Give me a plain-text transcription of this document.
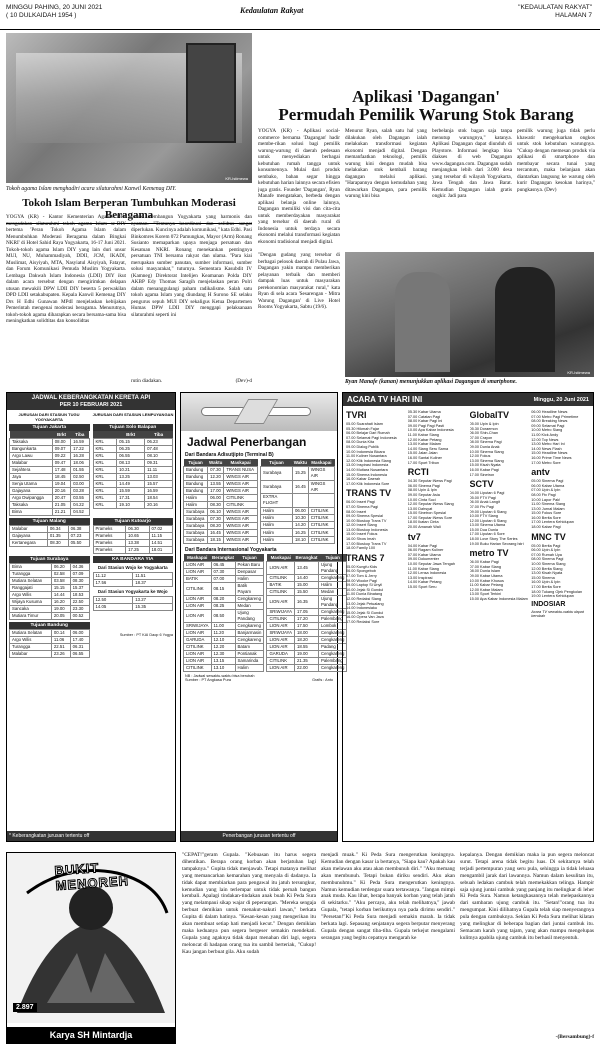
MINGGU PAHING, 20 JUNI 2021
( 10 DULKAIDAH 1954 )
Kedaulatan Rakyat	"KEDAULATAN RAKYAT"
HALAMAN 7
KR-Istimewa
Tokoh agama Islam menghadiri acara silaturahmi Kanwil Kemenag DIY.
Tokoh Islam Berperan Tumbuhkan Moderasi Beragama
YOGYA (KR) - Kantor Kementerian Agama DIY mengadakan silaturahmi tokoh agama Islam se-DIY bertema 'Peran Tokoh Agama Islam dalam Menumbuhkan Moderasi Beragama dalam Bingkai NKRI' di Hotel Sahid Raya Yogyakarta, 16-17 Juni 2021. Tokoh-tokoh agama Islam DIY yang lain duri unsur MUI, NU, Muhammadiyah, DDII, JCM, IKADI, Muslimat, Aisyiyah, MTA, Nasyiatul Aisyiyah, Fatayat, dan Forum Komunikasi Pemuda Muslim Yogyakarta. Lembaga Dakwah Islam Indonesia (LDII) DIY ikut dalam acara tersebut dengan mengirimkan delapan utusan mewakili DPW LDII DIY beserta 5 perwakilan DPD LDII setakabupaten. Kepala Kanwil Kemenag DIY Drs H Edhi Gunawan MPdI menjelaskan kebijakan Pemerintah mengenai moderasi beragama. Menurutnya, tokoh-tokoh agama diharapkan secara bersama-sama bisa meningkatkan solidtitas dan konsolidtas
untuk membangun Yogyakarta yang harmonis dan nyaman. "Tentunya koordinasi dan solidtas sangat diperlukan. Kuncinya adalah komunikasi," kata Edhi. Pasi Binkomres Korem 072 Pamungkas, Mayor (Arm) Ronang Susianto memaparkan upaya menjaga persatuan dan Kesatuan NKRI. Ronang menekankan pentingnya persatuan TNI bersama rakyat dan ulama. "Para kiai merupakan sumber panutan, sumber informasi, sumber solusi masyarakat," tuturnya. Sementara Kasubdit IV (Kamneg) Direktorat Intelijen Keamanan Polda DIY AKBP Edy Thomas Saragih menjelaskan peran Polri dalam menanggulangi paham radikalisme. Salah satu tokoh agama Islam yang diundang H Surono SE selaku pengurus sepuh MUI DIY sekaligus Ketua Departemen Humas DPW LDII DIY menggapi pelaksanaan silaturahmi seperti ini
rutin diadakan.	(Dev)-d
Aplikasi 'Dagangan'
Permudah Pemilik Warung Stok Barang
YOGYA (KR) - Aplikasi social-commerce bernama 'Dagangan' hadir membe-rikan solusi bagi pemilik warung-warung di daerah pedesaan untuk menyediakan berbagai kebutuhan rumah tangga untuk konsumennya. Mulai dari produk sembako, bahan segar hingga kebutuhan harian lainnya secara efisien juga gratis. Founder 'Dagangan', Ryan Manafe mengatakan, berbeda dengan aplikasi belanja online lainnya, Dagangan memiliki visi dan cita-cita untuk memberdayakan masyarakat yang tersebar di daerah rural di Indonesia untuk terdaya secara ekonomi melalui transformasi kegiatan ekonomi tradisional menjadi digital.
Menurut Ryan, salah satu hal yang dilakukan oleh Dagangan ialah melakukan transformasi kegiatan ekonomi menjadi digital. Dengan memanfaatkan teknologi, pemilik warung kini dengan mudah bisa melakukan stok kembali barang dagangan melalui aplikasi. "Harapannya dengan kemudahan yang ditawarkan Dagangan, para pemilik warung kini bisa
berbelanja stok bagan saja tanpa menutup warungnya," katanya. Aplikasi Dagangan dapat diunduh di Playstore. Informasi lengkap bisa diakses di web Dagangan www.dagangan.com. Dagangan sudah menjangkau lebih dari 3.000 desa yang tersebar di wilayah Yogyakarta, Jawa Tengah dan Jawa Barat. Kemudian Dagangan ialah gratis ongkir. Jadi para
pemilik warung juga tidak perlu khawatir mengeluarkan ongkos untuk stok kebutuhan warungnya. "Cukup dengan memesan produk via aplikasi di smartphone dan membayar secara tunai yang tercantum, maka belanjaan akan diantarkan langsung ke warung oleh kurir Dagangan kesokan harinya," pungkasnya. (Dev)
"Dengan gudang yang tersebar di berbagai pelosok daerah di Pulau Jawa, Dagangan yakin mampu memberikan pelayanan terbaik dan memberi dampak luas untuk masyarakan perekonomian masyarakat rural," kata Ryan di sela acara 'Sesarengan - Mitra Warung Dagangan' di Live Hotel Rooms Yogyakarta, Sabtu (19/6).
KR-Istimewa
Ryan Manafe (kanan) menunjukkan aplikasi Dagangan di smartphone.
JADWAL KEBERANGKATAN KERETA API
PER 10 FEBRUARI 2021
JURUSAN DARI STASIUN TUGU YOGYAKARTA
JURUSAN DARI STASIUN LEMPUYANGAN
Tujuan Jakarta
	Brkt	Tiba
Taksaka	08.00	16.59
Bangunkarta	09.07	17.22
Argo Lawu	09.22	16.28
Malabar	09.47	18.06
Sejahtera	17.48	01.55
Jaya	18.45	02.50
Senja Utama	19.04	03.00
Gajayana	20.16	03.28
Argo Dwipangga	20.47	03.55
Taksaka	21.05	04.22
Bima	21.21	04.52
Tujuan Solo Balapan
	Brkt	Tiba
KRL	05.15	06.23
KRL	06.25	07.48
KRL	06.55	08.10
KRL	08.13	09.31
KRL	10.21	11.11
KRL	13.25	13.03
KRL	14.49	15.57
KRL	15.59	16.59
KRL	17.31	18.54
KRL	19.10	20.16
Tujuan Malang
Malabar	06.34	06.38
Gajayana	01.35	07.23
Kertanegara	08.30	05.50
Tujuan Kutoarjo
Prameks	06.30	07.02
Prameks	10.65	11.15
Prameks	13.38	14.51
Prameks	17.25	18.01
Tujuan Surabaya
Bima	06.20	04.36
Turangga	02.58	07.09
Mutiara Selatan	03.58	08.30
Ranggajati	15.15	15.37
Argo Wilis	14.44	18.53
Wijaya Kusuma	16.20	22.50
Sancaka	19.00	23.30
Mutiara Timur	20.05	00.52
Tujuan Bandung
Mutiara Selatan	00.14	06.00
Argo Wilis	11.06	17.40
Turangga	22.51	06.31
Malabar	23.26	06.55
KA BANDARA YIA
Dari Stasiun Wojo ke Yogyakarta
11.12	11.51
17.56	18.37
Dari Stasiun Yogyakarta ke Wojo
12.50	13.27
14.05	15.35
Sumber : PT KAI Daop 6 Yogya
* Keberangkatan jurusan tertentu off
Jadwal Penerbangan
Dari Bandara Adisutjipto (Terminal B)
Tujuan	Waktu	Maskapai
Bandung	07.30	TRANS NUSA
Bandung	12.20	WINGS AIR
Bandung	13.55	WINGS AIR
Bandung	17.00	WINGS AIR
Halim	06.00	CITILINK
Halim	08.30	CITILINK
Surabaya	06.10	WINGS AIR
Surabaya	07.30	WINGS AIR
Surabaya	08.20	WINGS AIR
Surabaya	16.45	WINGS AIR
Surabaya	18.15	WINGS AIR
Tujuan	Waktu	Maskapai
Surabaya	15.25	WINGS AIR
Surabaya	16.45	WINGS AIR
EXTRA FLIGHT		
Halim	06.00	CITILINK
Halim	10.30	CITILINK
Halim	14.20	CITILINK
Halim	16.25	CITILINK
Halim	18.10	CITILINK
Dari Bandara Internasional Yogyakarta
Maskapai	Berangkat	Tujuan
LION AIR	06.45	Pekan Baru
LION AIR	07.30	Denpasar
BATIK	07.00	Halim
CITILINK	08.15	Batik Payam
LION AIR	08.20	Cengkareng
LION AIR	08.25	Medan
LION AIR	08.50	Ujung Pandang
SRIWIJAYA	11.00	Cengkareng
LION AIR	11.20	Banjarmasin
GARUDA	12.10	Cengkareng
CITILINK	12.20	Batam
LION AIR	12.30	Pontianak
LION AIR	13.15	Samarinda
CITILINK	13.10	Halim
Maskapai	Berangkat	Tujuan
LION AIR	13.45	Ujung Pandang
CITILINK	14.40	Cengkareng
BATIK	15.00	Halim
CITILINK	15.50	Medan
LION AIR	16.35	Ujung Pandang
SRIWIJAYA	17.05	Cengkareng
CITILINK	17.20	Palembang
LION AIR	17.50	Lombok
SRIWIJAYA	18.00	Cengkareng
LION AIR	18.20	Cengkareng
LION AIR	18.55	Padang
GARUDA	19.00	Cengkareng
CITILINK	21.35	Palembang
LION AIR	22.00	Cengkareng
NB : Jadwal sewaktu-waktu bisa berubah
Sumber : PT Angkasa Pura	Grafis : Anto
Penerbangan jurusan tertentu off
ACARA TV HARI INI	Minggu, 20 Juni 2021
TVRI
05.00 Suarahati Islam
05.30 Hikmah Fajar
06.00 Belajar Dari Rumah
07.00 Selamat Pagi Indonesia
08.00 Dunia Kita
09.00 Dialog Publik
10.00 Indonesia Bicara
11.00 Kuliner Nusantara
12.00 Klik Indonesia Siang
13.00 Inspirasi Indonesia
14.00 Mutiara Nusantara
15.00 Sinema Indonesia
16.00 Kabar Daerah
17.00 Klik Indonesia Sore
TRANS TV
06.00 Insert Pagi
07.00 Sinema Pagi
08.00 Insert
09.00 Sinema Spesial
10.00 Bioskop Trans TV
12.00 Insert Siang
13.00 Bioskop Indonesia
15.00 Insert Fokus
16.00 Show Imah
17.00 Bioskop Trans TV
18.00 Family 100
TRANS 7
05.00 Kungfu Kids
06.00 Spongebob
07.00 Tom & Jerry
08.00 Wooke Pagi
09.00 Laptop Si Unyil
10.00 Jejak Si Gundul
11.00 Dunia Binatang
12.00 Redaksi Siang
13.00 Jejak Petualang
14.00 Indonesiaku
15.00 Jejak Si Gundul
16.00 Opera Van Java
17.00 Redaksi Sore
05.30 Kabar Utama
07.00 Catatan Pagi
08.00 Kabar Pagi Ini
09.00 Pagi Pagi Pasti
10.00 Apa Kabar Indonesia
11.00 Kabar Siang
12.00 Kabar Petang
13.00 Kabar Malam
14.00 Siang Seru Sama
15.00 Jalan Jalan
16.00 Santai Kuliner
17.00 Sport Tribun
RCTI
04.30 Seputar iNews Pagi
06.00 Sinema Pagi
08.00 Upin & Ipin
09.00 Seputar Asia
10.00 Cinta Suci
12.00 Seputar iNews Siang
13.00 Dahsyat
15.00 Sinetron Spesial
17.00 Seputar iNews Sore
18.00 Ikatan Cinta
20.00 Amanah Wali
tv7
04.00 Kabar Pagi
06.00 Ragam Kuliner
07.00 Kabar Utama
09.00 Dokumenter
10.00 Seputar Jawa Tengah
11.00 Kabar Siang
12.00 Lensa Indonesia
13.00 Inspirasi
14.00 Kabar Petang
15.00 Sport Seru
GlobalTV
05.00 Upin & Ipin
05.30 Doraemon
06.00 Shin-Chan
07.00 Crayon
08.00 Sinema Pagi
09.00 Dunia Anak
10.00 Sinema Siang
12.00 Fokus
13.00 Sinema Siang
15.00 Kisah Nyata
16.00 Kabar Pagi
17.00 Sinetron
SCTV
04.00 Liputan 6 Pagi
05.00 FTV Pagi
06.00 Anak Langit
07.00 Ftv Pagi
09.00 Liputan 6 Siang
10.00 FTV Siang
12.00 Liputan 6 Siang
13.00 Sinema Utama
15.00 Dua Dunia
17.00 Liputan 6 Sore
18.00 Love Story The Series
19.00 Buku Harian Seorang Istri
metro TV
06.00 Kabar Pagi
07.00 Kabar Siang
08.00 Dunia Islam
09.00 Kabar Utama
10.00 Kabar Khusus
11.00 Kabar Petang
12.00 Kabar Malam
13.00 Sport Terkini
15.00 Apa Kabar Indonesia Malam
06.00 Headline News
07.00 Metro Pagi Primetime
08.00 Breaking News
09.00 Selamat Pagi
10.00 Metro Siang
11.00 Kick Andy
12.00 Top News
13.00 Metro Hari Ini
14.00 News Flash
15.00 Headline News
16.00 Prime Time News
17.00 Metro Sore
antv
05.00 Sinema Pagi
06.00 Kabar Utama
07.00 Upin & Ipin
08.00 Ftv Pagi
10.00 Lapor Pak!
11.00 Sinema Siang
13.00 Jurnal Malam
15.00 Fokus Sore
16.00 Berita Sore
17.00 Lentera Kehidupan
18.00 Kabar Pagi
MNC TV
05.00 Berita Pagi
06.00 Upin & Ipin
07.00 Rumah Uya
08.00 Sinema Pagi
10.00 Sinema Siang
12.00 Berita Siang
13.00 Kisah Nyata
15.00 Sinema
16.00 Upin & Ipin
17.00 Berita Sore
18.00 Tukang Ojek Pengkolan
19.00 Lentera Kehidupan
INDOSIAR
Acara TV sewaktu-waktu dapat berubah
BUKIT MENOREH
2.897
Karya SH Mintardja
"CEPAT!"geram Gupala. "Kebuasan itu harus segera dihentikan. Berapa orang korban akan berjatuhan lagi tampaknya." Gupita tidak menjawab. Tetapi matanya melihat yang memancarkan kemarahan yang menyala di dadanya. Ia tidak dapat membiarkan para pengawal itu jatuh tersungkur, kemudian yang lain terlempar untuk tidak pernah bangun kembali. Apalagi tindakan-tindakan anak buah Ki Peda Sura yang melampaui sikap wajar di peperangan. "Mereka sengaja berbuat demikian untuk menakut-nakuti lawan," berkata Gupita di dalam hatinya. "Kesan-kesan yang mengerikan itu akan membuat setiap hati menjadi kecut." Dengan demikian maka keduanya pun segera bergeser semakin mendekati. Gupala yang agaknya tidak dapat menahan diri lagi, segera meloncat di hadapan orang tua itu sambil berteriak, "Cukup! Kau jangan berbuat gila. Aku sudah
menjadi muak." Ki Peda Sura mengerutkan keningnya. Kemudian dengan kasar ia bertanya, "Siapa kau? Apakah kau akan melawan aku atau akan membunuh diri." "Aku memang akan membunuh. Tetapi bukan diriku sendiri. Aku akan membunuhmu." Ki Peda Sura mengerutkan keningnya. Namun kemudian terdengar suara tertawanya. "Jangan mimpi anak muda. Kau lihat, berapa banyak korban yang telah jatuh di sekitarku." "Aku percaya, aku telah melihatnya," jawab Gupala, "tetapi korban berikutnya nya pada dirimu sendiri." "Persetan!"Ki Peda Sura menjadi semakin marah. Ia tidak berkata lagi. Sepasang senjatanya segera berputar menyerang Gupala dengan sangat tiba-tiba. Gupala terkejut mengalami serangan yang begitu cepatnya mengarah ke
kepalanya. Dengan demikian maka ia pun segera meloncat surut. Tetapi arena tidak begitu luas. Di sekitarnya telah terjadi pertempuran yang seru pula, sehingga ia tidak leluasa mengambil jarak dari lawannya. Namun dalam kesulitan itu, sebuah ledakan cambuk telah memekakkan telinga. Hampir saja ujung juntai cambuk yang panjang itu melingkar di leher Ki Peda Sura. Namun ketangkasannya telah melepaskannya dari sambaran ujung cambuk itu. "Setan!"orang tua itu mengumpat. Kini dilihatnya Gupala telah siap menyerangnya pula dengan cambuknya. Sekian Ki Peda Sura melihat kilatan yang melingkar di beberapa bagian dari juntai cambuk itu. Semacam karah yang tajam, yang akan mampu mengelupas kulitnya apabila ujung cambuk itu berhasil menyentuh.
-(Bersambung)-f
